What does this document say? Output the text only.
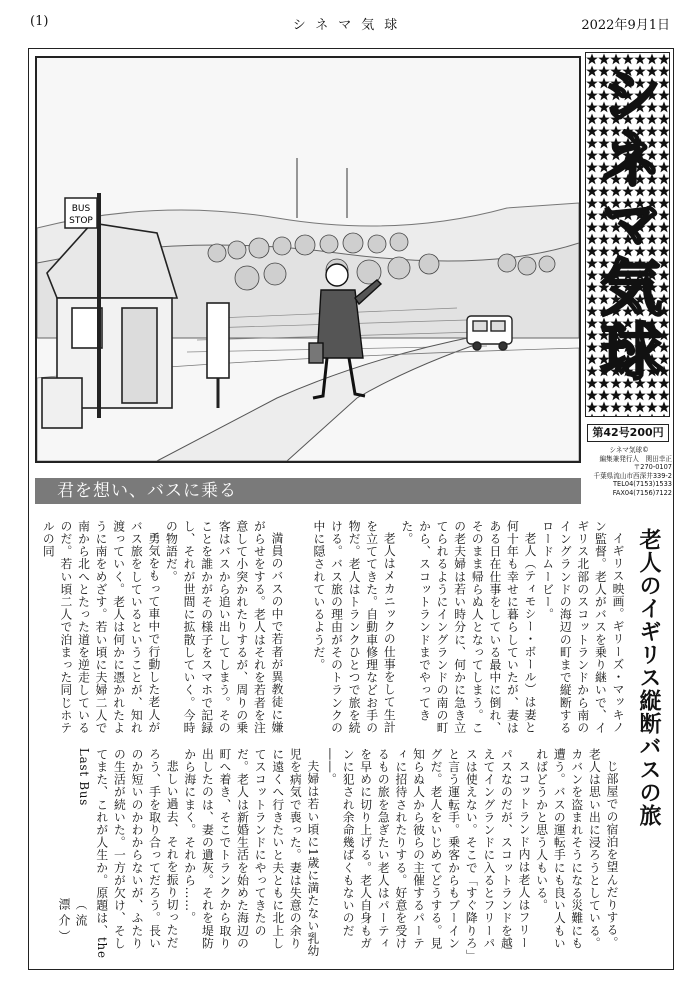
(1)	シネマ気球	2022年9月1日
BUS
STOP	シネマ気球
第42号200円
シネマ気球©
編集兼発行人　関田幸正
〒270-0107
千葉県流山市西深井339-2
TEL04(7153)1533
FAX04(7156)7122
君を想い、バスに乗る
老人のイギリス縦断バスの旅

イギリス映画。ギリーズ・マッキノン監督。老人がバスを乗り継いで、イギリス北部のスコットランドから南のイングランドの海辺の町まで縦断するロードムービー。

老人（ティモシー・ボール）は妻と何十年も幸せに暮らしていたが、妻はある日在仕事をしている最中に倒れ、そのまま帰らぬ人となってしまう。この老夫婦は若い時分に、何かに急き立てられるようにイングランドの南の町から、スコットランドまでやってきた。

老人はメカニックの仕事をして生計を立ててきた。自動車修理などお手の物だ。老人はトランクひとつで旅を続ける。バス旅の理由がそのトランクの中に隠されているようだ。

満員のバスの中で若者が異教徒に嫌がらせをする。老人はそれを若者を注意して小突かれたりするが、周りの乗客はバスから追い出してしまう。そのことを誰かがその様子をスマホで記録し、それが世間に拡散していく。今時の物語だ。

勇気をもって車中で行動した老人がバス旅をしているということが、知れ渡っていく。老人は何かに憑かれたように南をめざす。若い頃に夫婦二人で南から北へとたった道を逆走しているのだ。若い頃二人で泊まった同じホテルの同

じ部屋での宿泊を望んだりする。老人は思い出に浸ろうとしている。カバンを盗まれそうになる災難にも遭う。バスの運転手にも良い人もいればどうかと思う人もいる。

スコットランド内は老人はフリーパスなのだが、スコットランドを越えてイングランドに入るとフリーパスは使えない。そこで「すぐ降りろ」と言う運転手。乗客からもブーイングだ。老人をいじめてどうする。見知らぬ人から彼らの主催するパーティに招待されたりする。好意を受けるもの旅を急ぎたい老人はパーティを早めに切り上げる。老人自身もガンに犯され余命幾ばくもないのだ――。

夫婦は若い頃に1歳に満たない乳幼児を病気で喪った。妻は失意の余りに遠くへ行きたいと夫ともに北上してスコットランドにやってきたのだ。老人は新婚生活を始めた海辺の町へ着き、そこでトランクから取り出したのは、妻の遺灰。それを堤防から海にまく。それから……。

悲しい過去、それを振り切っただろう、手を取り合ってだろう。長いのか短いのかわからないが、ふたりの生活が続いた。一方が欠け、そしてまた、これが人生か。原題は、the Last Bus

（流　漂介）
